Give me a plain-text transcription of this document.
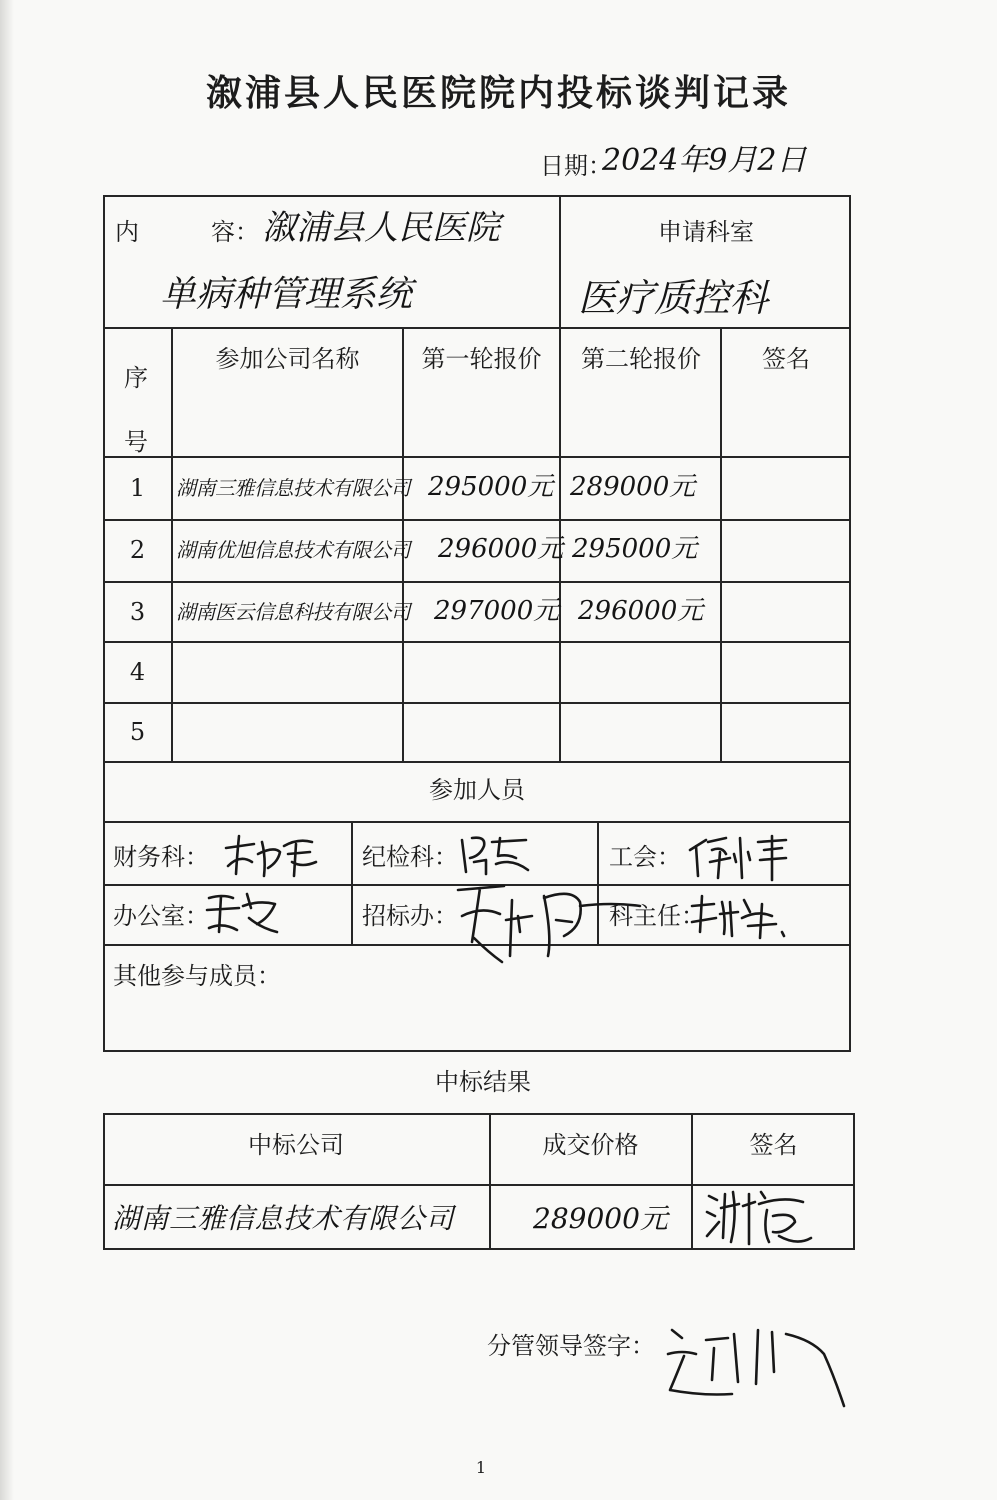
溆浦县人民医院院内投标谈判记录
日期：
2024年9月2日
内　　　容： 溆浦县人民医院
单病种管理系统
申请科室
医疗质控科
序号
参加公司名称	第一轮报价	第二轮报价	签名
1	湖南三雅信息技术有限公司 295000元 289000元
2	湖南优旭信息技术有限公司 296000元 295000元
3	湖南医云信息科技有限公司 297000元 296000元
4
5
参加人员
财务科：	纪检科：	工会：
办公室：	招标办：	科主任：
其他参与成员：
中标结果
中标公司	成交价格	签名
湖南三雅信息技术有限公司	289000元
分管领导签字：
1
